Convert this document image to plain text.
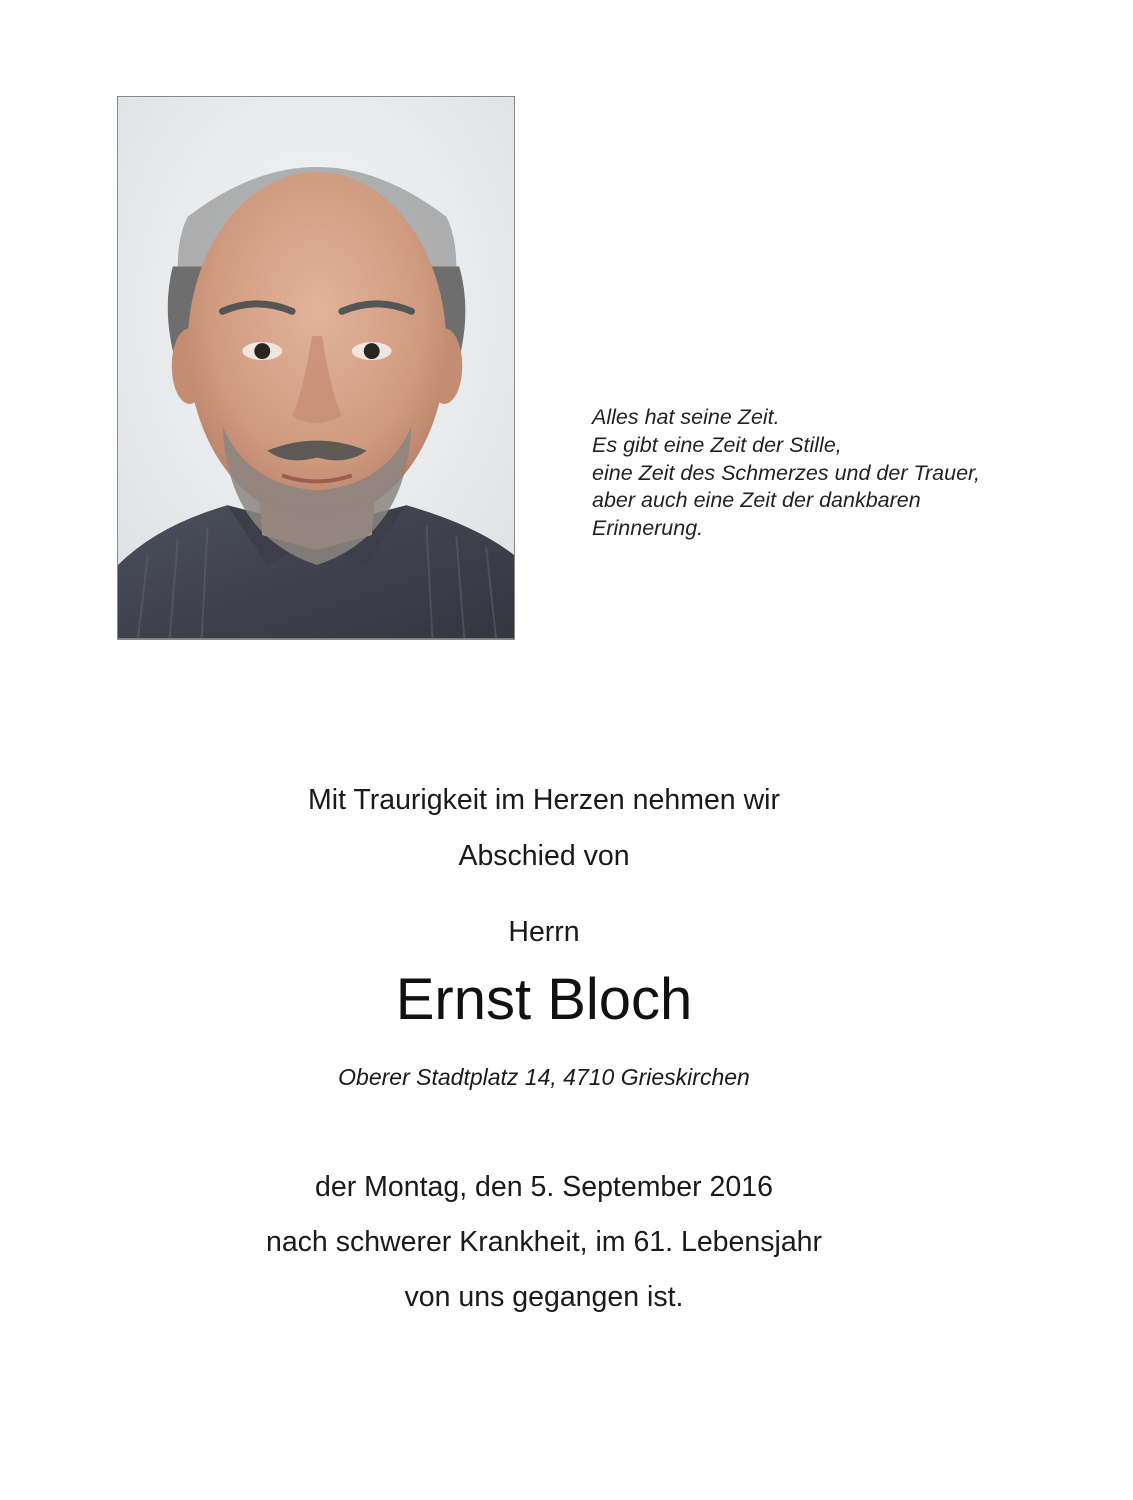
Alles hat seine Zeit.
Es gibt eine Zeit der Stille,
eine Zeit des Schmerzes und der Trauer,
aber auch eine Zeit der dankbaren
Erinnerung.
Mit Traurigkeit im Herzen nehmen wir
Abschied von
Herrn
Ernst Bloch
Oberer Stadtplatz 14, 4710 Grieskirchen
der Montag, den 5. September 2016
nach schwerer Krankheit, im 61. Lebensjahr
von uns gegangen ist.
